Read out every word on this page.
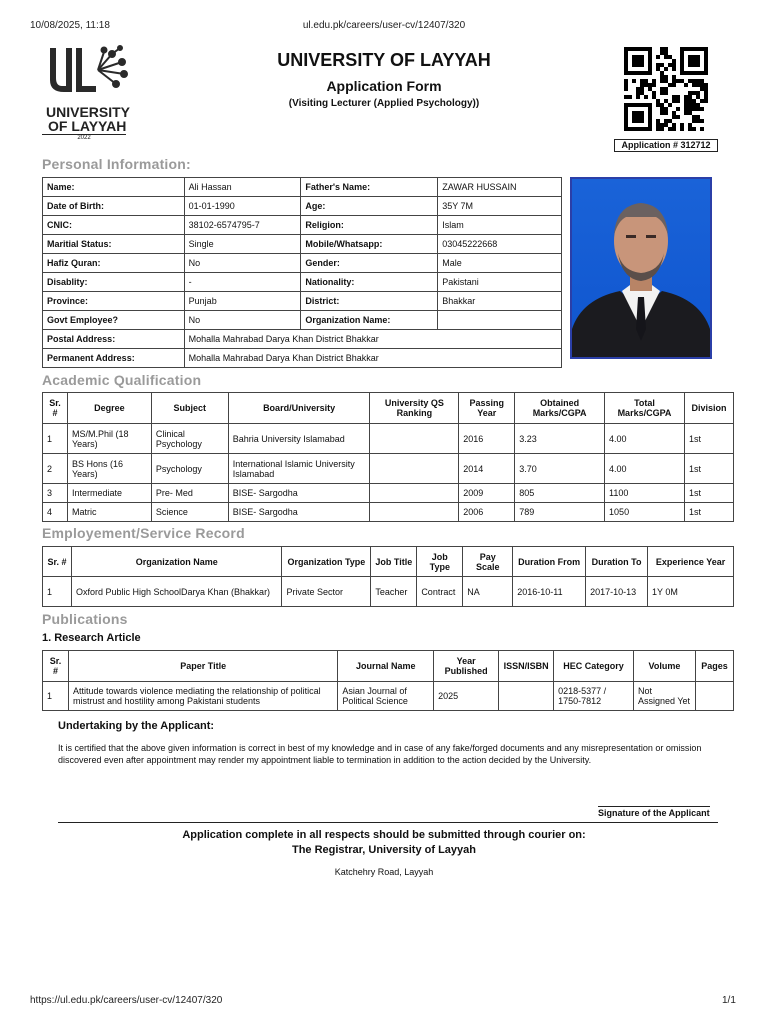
10/08/2025, 11:18	ul.edu.pk/careers/user-cv/12407/320
UNIVERSITY
OF LAYYAH
2022
UNIVERSITY OF LAYYAH
Application Form
(Visiting Lecturer (Applied Psychology))
Application # 312712
Personal Information:
Name:	Ali Hassan	Father's Name:	ZAWAR HUSSAIN
Date of Birth:	01-01-1990	Age:	35Y 7M
CNIC:	38102-6574795-7	Religion:	Islam
Maritial Status:	Single	Mobile/Whatsapp:	03045222668
Hafiz Quran:	No	Gender:	Male
Disablity:	-	Nationality:	Pakistani
Province:	Punjab	District:	Bhakkar
Govt Employee?	No	Organization Name:	
Postal Address:	Mohalla Mahrabad Darya Khan District Bhakkar		
Permanent Address:	Mohalla Mahrabad Darya Khan District Bhakkar		
Academic Qualification
Sr. #	Degree	Subject	Board/University	University QS Ranking	Passing Year	Obtained Marks/CGPA	Total Marks/CGPA	Division
1	MS/M.Phil (18 Years)	Clinical Psychology	Bahria University Islamabad		2016	3.23	4.00	1st
2	BS Hons (16 Years)	Psychology	International Islamic University Islamabad		2014	3.70	4.00	1st
3	Intermediate	Pre- Med	BISE- Sargodha		2009	805	1100	1st
4	Matric	Science	BISE- Sargodha		2006	789	1050	1st
Employement/Service Record
Sr. #	Organization Name	Organization Type	Job Title	Job Type	Pay Scale	Duration From	Duration To	Experience Year
1	Oxford Public High SchoolDarya Khan (Bhakkar)	Private Sector	Teacher	Contract	NA	2016-10-11	2017-10-13	1Y 0M
Publications
1. Research Article
Sr. #	Paper Title	Journal Name	Year Published	ISSN/ISBN	HEC Category	Volume	Pages
1	Attitude towards violence mediating the relationship of political mistrust and hostility among Pakistani students	Asian Journal of Political Science	2025		0218-5377 / 1750-7812	Not Assigned Yet	
Undertaking by the Applicant:
It is certified that the above given information is correct in best of my knowledge and in case of any fake/forged documents and any misrepresentation or omission discovered even after appointment may render my appointment liable to termination in addition to the action decided by the University.
Signature of the Applicant
Application complete in all respects should be submitted through courier on:
The Registrar, University of Layyah
Katchehry Road, Layyah
https://ul.edu.pk/careers/user-cv/12407/320	1/1
